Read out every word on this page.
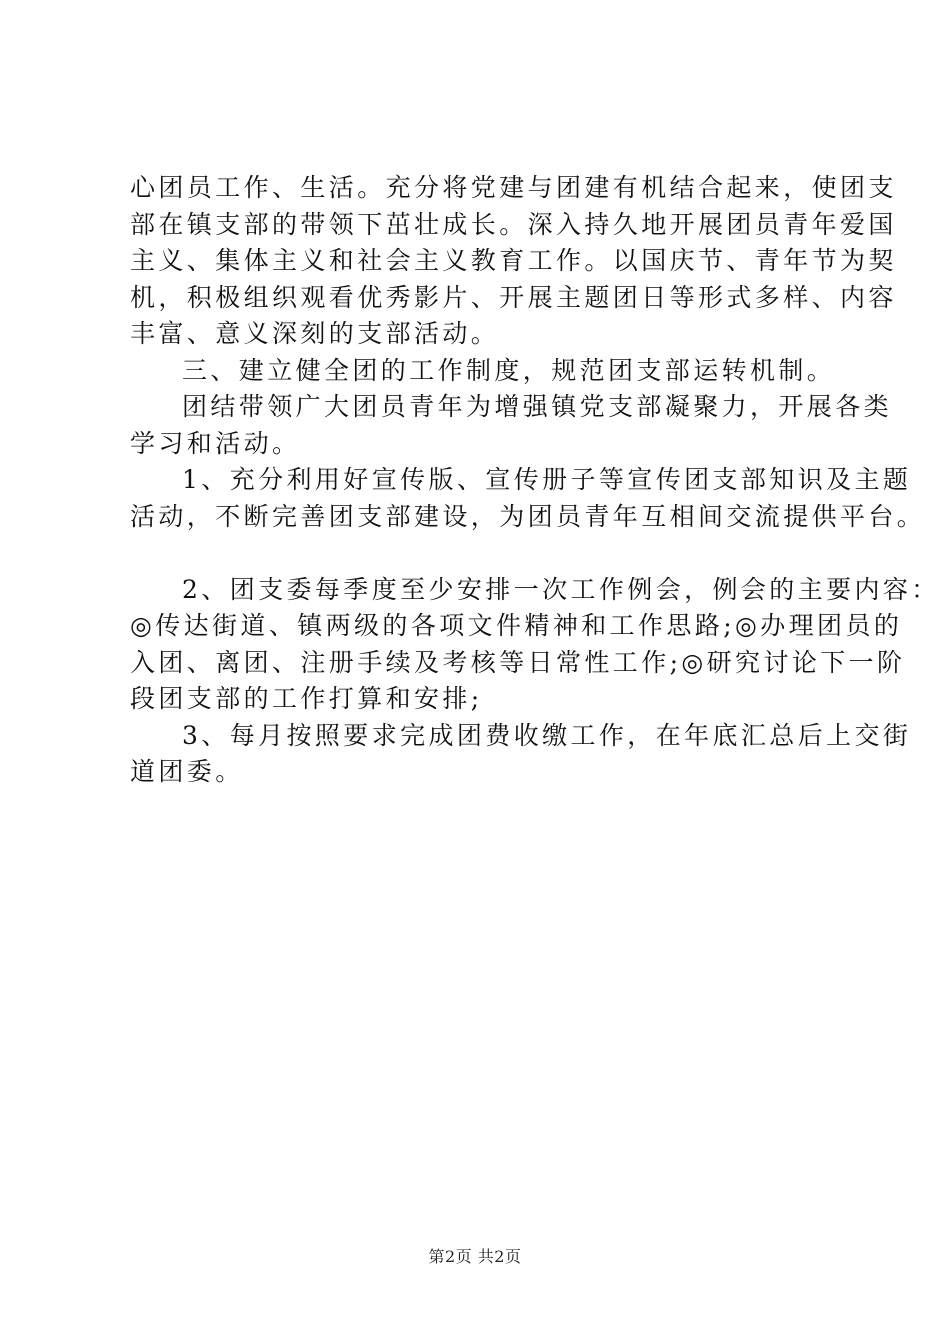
心团员工作、生活。充分将党建与团建有机结合起来，使团支
部在镇支部的带领下茁壮成长。深入持久地开展团员青年爱国
主义、集体主义和社会主义教育工作。以国庆节、青年节为契
机，积极组织观看优秀影片、开展主题团日等形式多样、内容
丰富、意义深刻的支部活动。
三、建立健全团的工作制度，规范团支部运转机制。
团结带领广大团员青年为增强镇党支部凝聚力，开展各类
学习和活动。
1、充分利用好宣传版、宣传册子等宣传团支部知识及主题
活动，不断完善团支部建设，为团员青年互相间交流提供平台。
2、团支委每季度至少安排一次工作例会，例会的主要内容：
◎传达街道、镇两级的各项文件精神和工作思路;◎办理团员的
入团、离团、注册手续及考核等日常性工作;◎研究讨论下一阶
段团支部的工作打算和安排;
3、每月按照要求完成团费收缴工作，在年底汇总后上交街
道团委。
第2页 共2页
